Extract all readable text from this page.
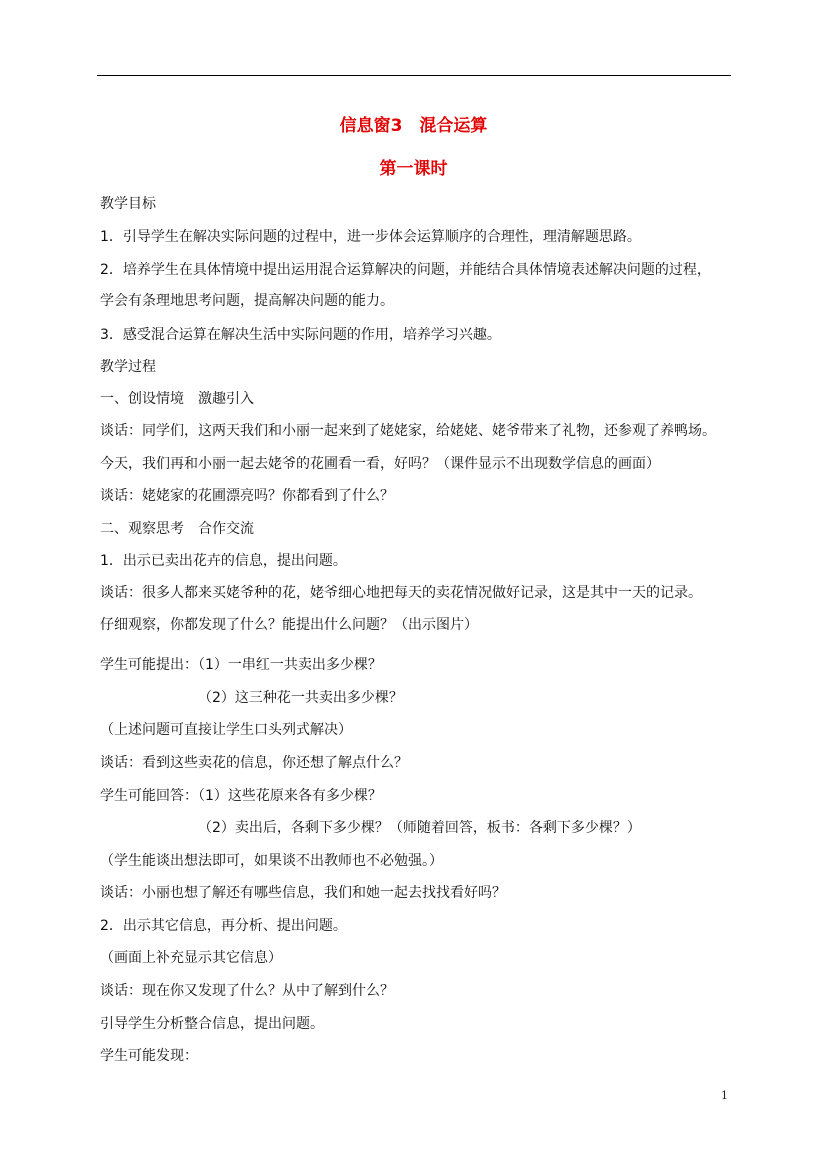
信息窗3　混合运算
第一课时
教学目标
1．引导学生在解决实际问题的过程中，进一步体会运算顺序的合理性，理清解题思路。
2．培养学生在具体情境中提出运用混合运算解决的问题，并能结合具体情境表述解决问题的过程，
学会有条理地思考问题，提高解决问题的能力。
3．感受混合运算在解决生活中实际问题的作用，培养学习兴趣。
教学过程
一、创设情境　激趣引入
谈话：同学们，这两天我们和小丽一起来到了姥姥家，给姥姥、姥爷带来了礼物，还参观了养鸭场。
今天，我们再和小丽一起去姥爷的花圃看一看，好吗？（课件显示不出现数学信息的画面）
谈话：姥姥家的花圃漂亮吗？你都看到了什么？
二、观察思考　合作交流
1．出示已卖出花卉的信息，提出问题。
谈话：很多人都来买姥爷种的花，姥爷细心地把每天的卖花情况做好记录，这是其中一天的记录。
仔细观察，你都发现了什么？能提出什么问题？（出示图片）
学生可能提出：（1）一串红一共卖出多少棵？
（2）这三种花一共卖出多少棵？
（上述问题可直接让学生口头列式解决）
谈话：看到这些卖花的信息，你还想了解点什么？
学生可能回答：（1）这些花原来各有多少棵？
（2）卖出后，各剩下多少棵？（师随着回答，板书：各剩下多少棵？）
（学生能谈出想法即可，如果谈不出教师也不必勉强。）
谈话：小丽也想了解还有哪些信息，我们和她一起去找找看好吗？
2．出示其它信息，再分析、提出问题。
（画面上补充显示其它信息）
谈话：现在你又发现了什么？从中了解到什么？
引导学生分析整合信息，提出问题。
学生可能发现：
1
